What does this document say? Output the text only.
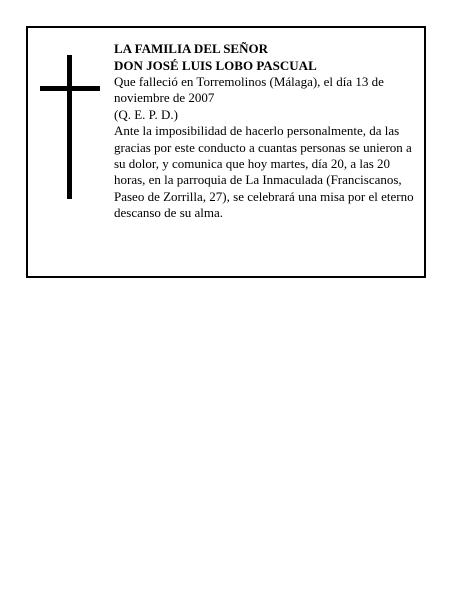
LA FAMILIA DEL SEÑOR

DON JOSÉ LUIS LOBO PASCUAL

Que falleció en Torremolinos (Málaga), el día 13 de noviembre de 2007

(Q. E. P. D.)

Ante la imposibilidad de hacerlo personalmente, da las gracias por este conducto a cuantas personas se unieron a su dolor, y comunica que hoy martes, día 20, a las 20 horas, en la parroquia de La Inmaculada (Franciscanos, Paseo de Zorrilla, 27), se celebrará una misa por el eterno descanso de su alma.
